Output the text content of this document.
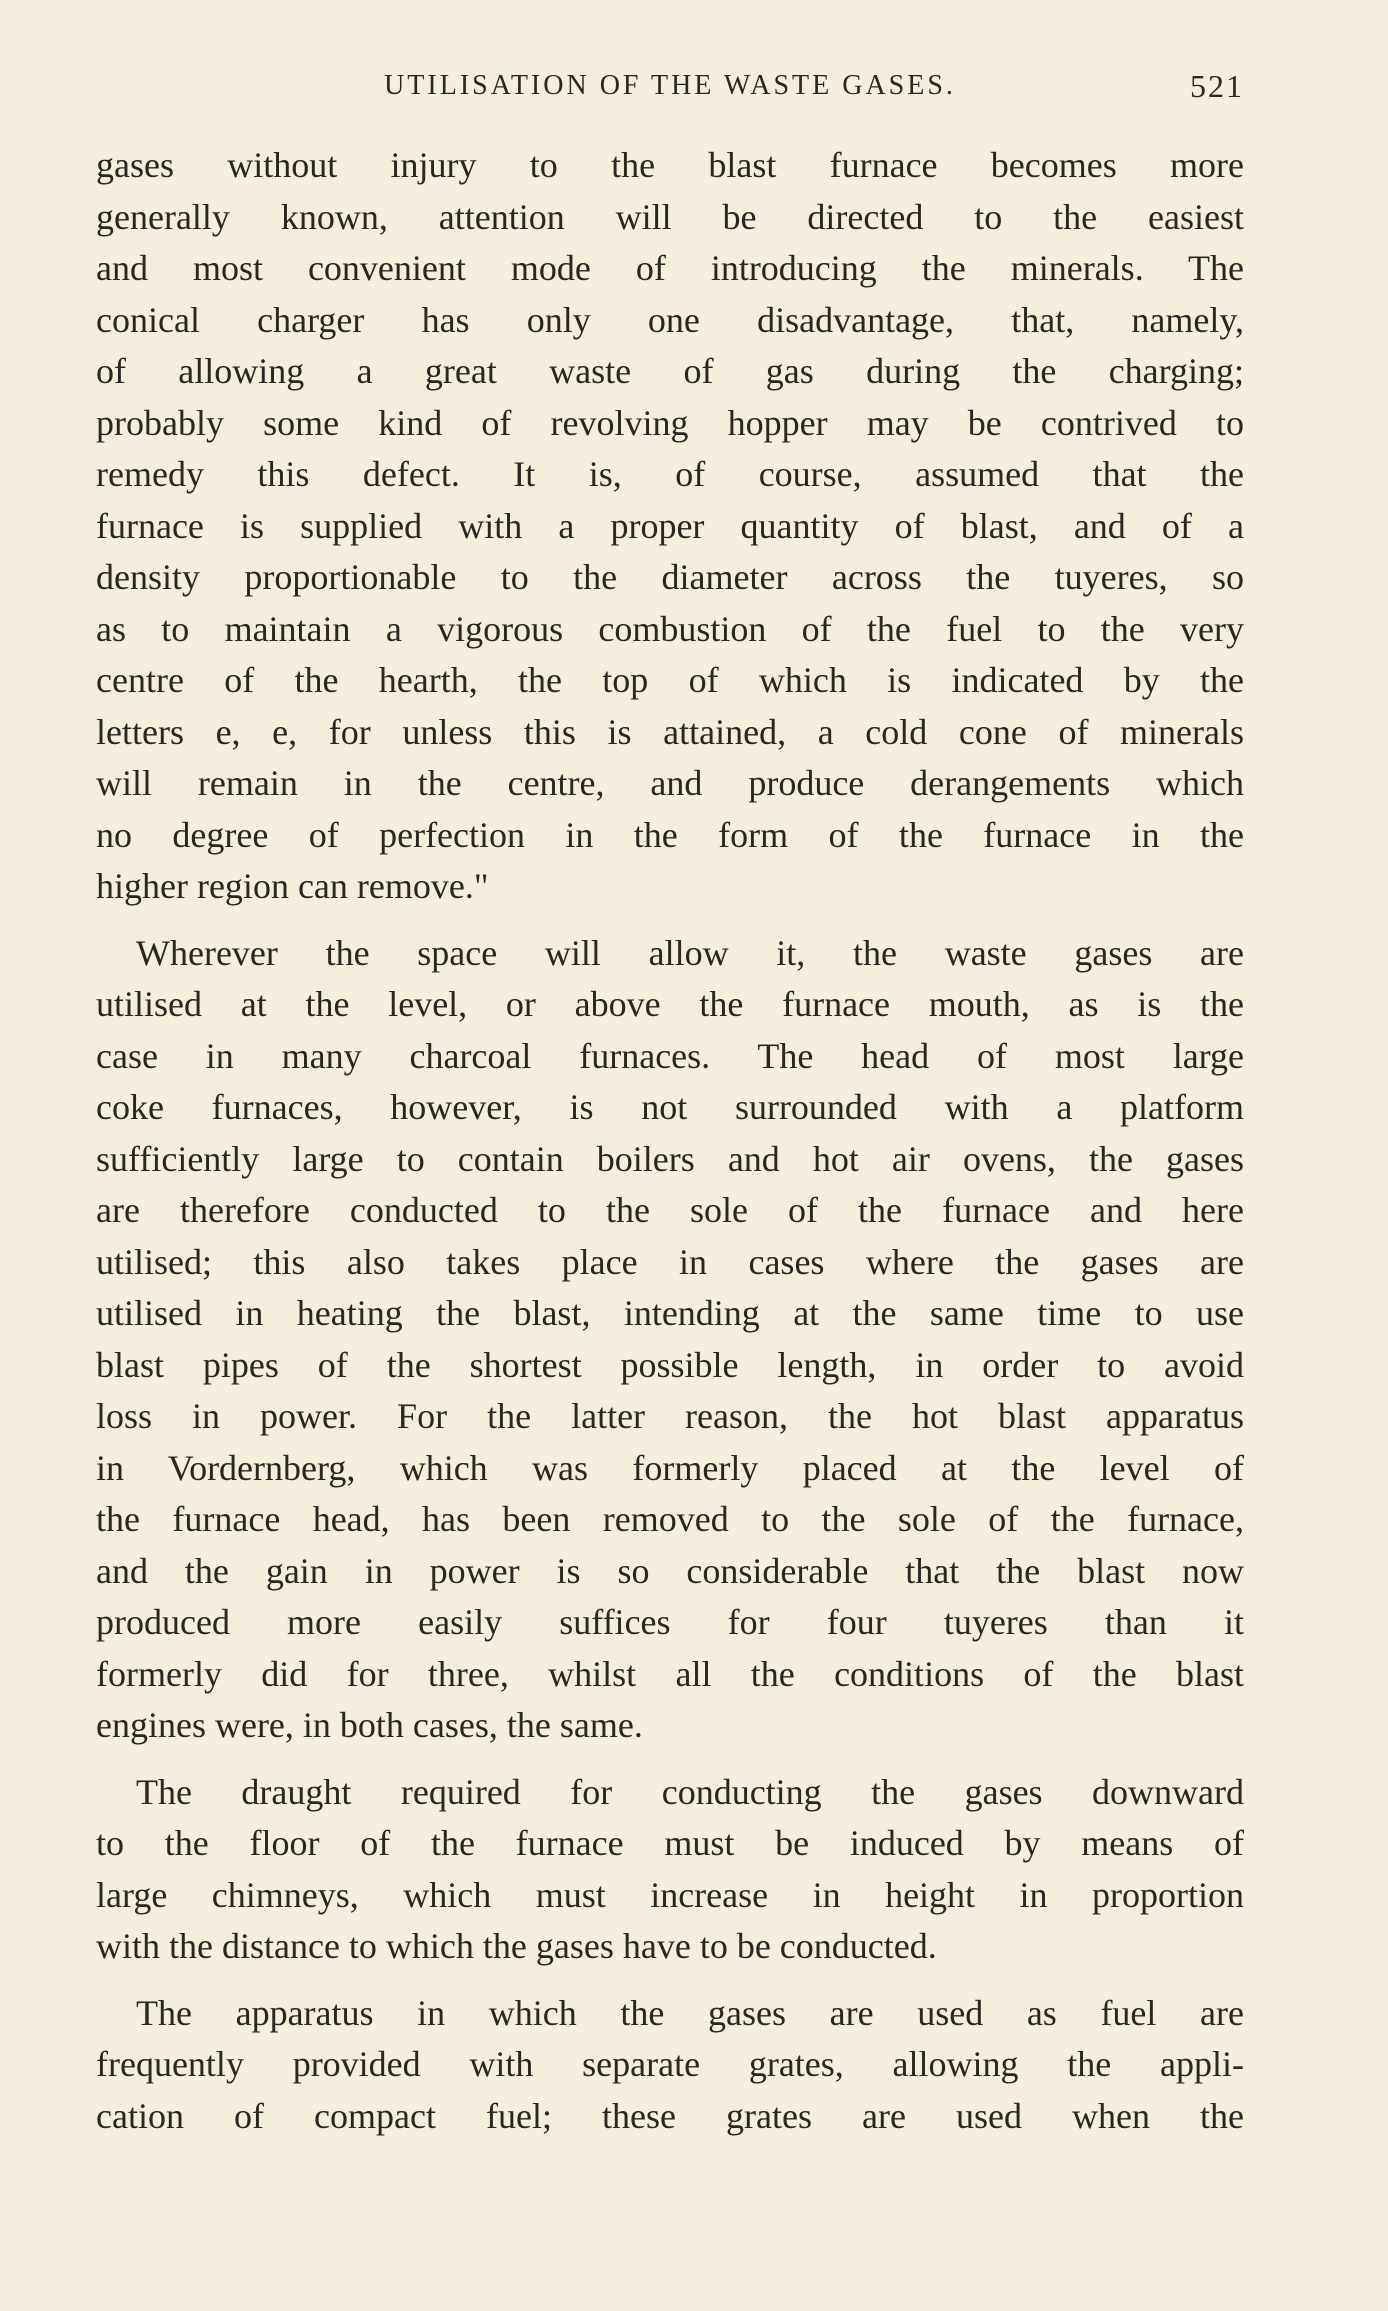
UTILISATION OF THE WASTE GASES.	521

gases without injury to the blast furnace becomes more
generally known, attention will be directed to the easiest
and most convenient mode of introducing the minerals. The
conical charger has only one disadvantage, that, namely,
of allowing a great waste of gas during the charging;
probably some kind of revolving hopper may be contrived to
remedy this defect. It is, of course, assumed that the
furnace is supplied with a proper quantity of blast, and of a
density proportionable to the diameter across the tuyeres, so
as to maintain a vigorous combustion of the fuel to the very
centre of the hearth, the top of which is indicated by the
letters e, e, for unless this is attained, a cold cone of minerals
will remain in the centre, and produce derangements which
no degree of perfection in the form of the furnace in the
higher region can remove."

Wherever the space will allow it, the waste gases are
utilised at the level, or above the furnace mouth, as is the
case in many charcoal furnaces. The head of most large
coke furnaces, however, is not surrounded with a platform
sufficiently large to contain boilers and hot air ovens, the gases
are therefore conducted to the sole of the furnace and here
utilised; this also takes place in cases where the gases are
utilised in heating the blast, intending at the same time to use
blast pipes of the shortest possible length, in order to avoid
loss in power. For the latter reason, the hot blast apparatus
in Vordernberg, which was formerly placed at the level of
the furnace head, has been removed to the sole of the furnace,
and the gain in power is so considerable that the blast now
produced more easily suffices for four tuyeres than it
formerly did for three, whilst all the conditions of the blast
engines were, in both cases, the same.

The draught required for conducting the gases downward
to the floor of the furnace must be induced by means of
large chimneys, which must increase in height in proportion
with the distance to which the gases have to be conducted.

The apparatus in which the gases are used as fuel are
frequently provided with separate grates, allowing the appli-
cation of compact fuel; these grates are used when the
